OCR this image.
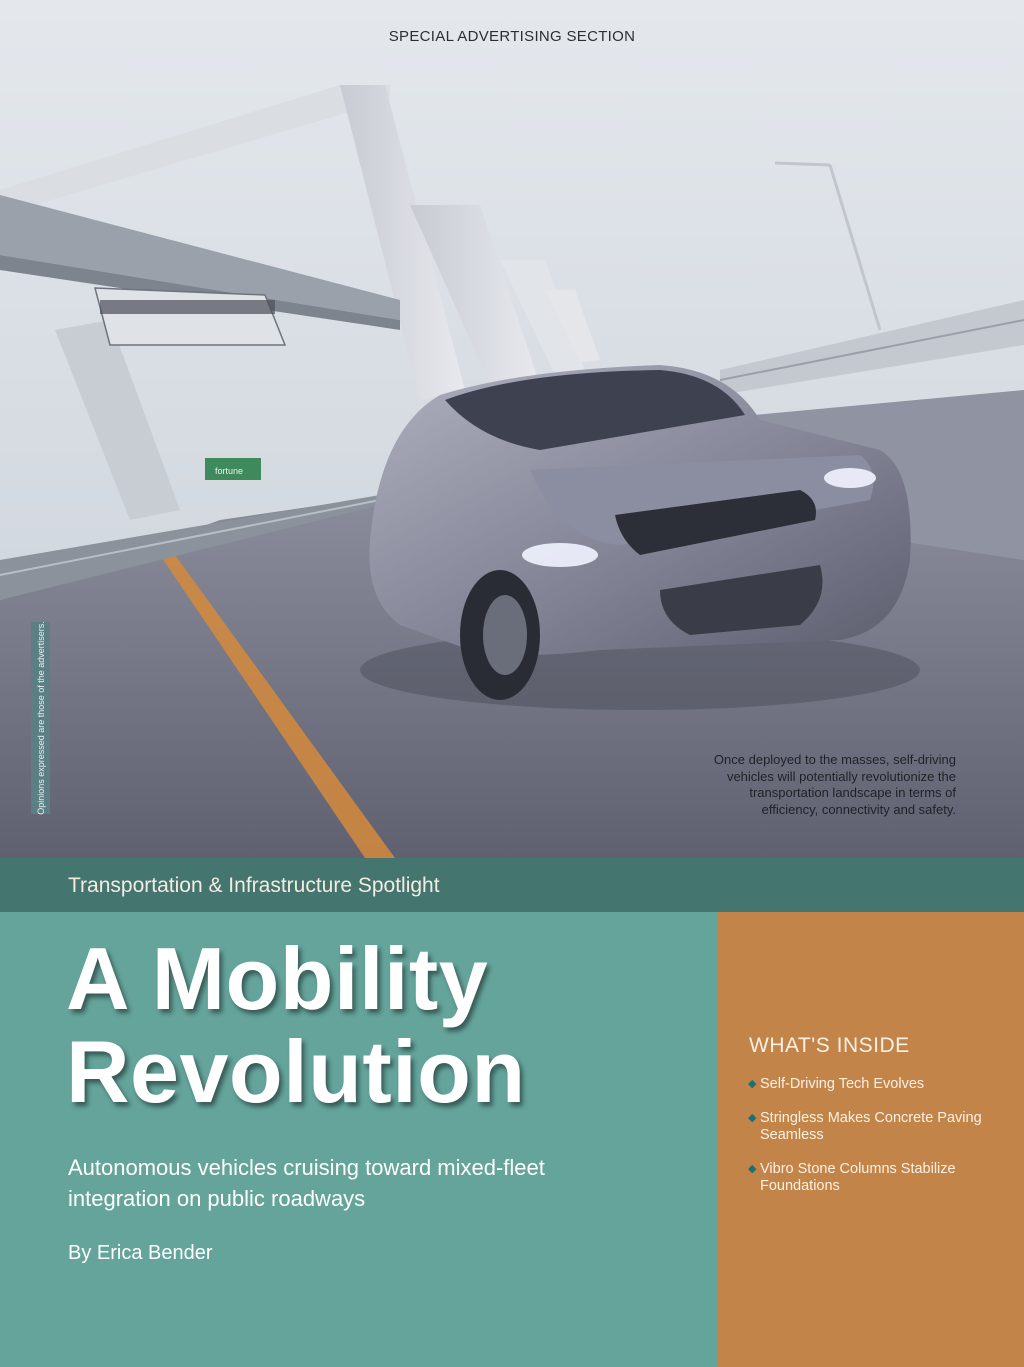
fortune
SPECIAL ADVERTISING SECTION
Opinions expressed are those of the advertisers.	Once deployed to the masses, self-driving vehicles will potentially revolutionize the transportation landscape in terms of efficiency, connectivity and safety.
Transportation & Infrastructure Spotlight
A Mobility
Revolution
Autonomous vehicles cruising toward mixed-fleet integration on public roadways
By Erica Bender
WHAT'S INSIDE
◆ Self-Driving Tech Evolves
◆ Stringless Makes Concrete Paving Seamless
◆ Vibro Stone Columns Stabilize Foundations
